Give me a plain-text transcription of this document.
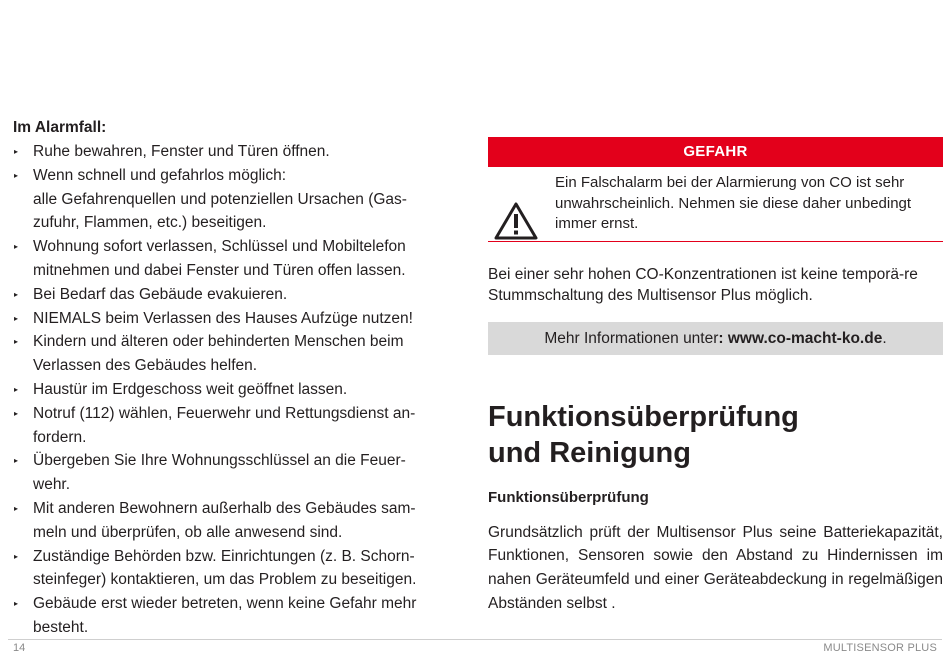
Im Alarmfall:
▸ Ruhe bewahren, Fenster und Türen öffnen.
▸ Wenn schnell und gefahrlos möglich:
alle Gefahrenquellen und potenziellen Ursachen (Gas-
zufuhr, Flammen, etc.) beseitigen.
▸ Wohnung sofort verlassen, Schlüssel und Mobiltelefon
mitnehmen und dabei Fenster und Türen offen lassen.
▸ Bei Bedarf das Gebäude evakuieren.
▸ NIEMALS beim Verlassen des Hauses Aufzüge nutzen!
▸ Kindern und älteren oder behinderten Menschen beim
Verlassen des Gebäudes helfen.
▸ Haustür im Erdgeschoss weit geöffnet lassen.
▸ Notruf (112) wählen, Feuerwehr und Rettungsdienst an-
fordern.
▸ Übergeben Sie Ihre Wohnungsschlüssel an die Feuer-
wehr.
▸ Mit anderen Bewohnern außerhalb des Gebäudes sam-
meln und überprüfen, ob alle anwesend sind.
▸ Zuständige Behörden bzw. Einrichtungen (z. B. Schorn-
steinfeger) kontaktieren, um das Problem zu beseitigen.
▸ Gebäude erst wieder betreten, wenn keine Gefahr mehr
besteht.
GEFAHR
Ein Falschalarm bei der Alarmierung von CO ist sehr unwahrscheinlich. Nehmen sie diese daher unbedingt immer ernst.
Bei einer sehr hohen CO-Konzentrationen ist keine temporä-re Stummschaltung des Multisensor Plus möglich.
Mehr Informationen unter: www.co-macht-ko.de.
Funktionsüberprüfung
und Reinigung
Funktionsüberprüfung
Grundsätzlich prüft der Multisensor Plus seine Batteriekapazität, Funktionen, Sensoren sowie den Abstand zu Hindernissen im nahen Geräteumfeld und einer Geräteabdeckung in regelmäßigen Abständen selbst .
14	MULTISENSOR PLUS
